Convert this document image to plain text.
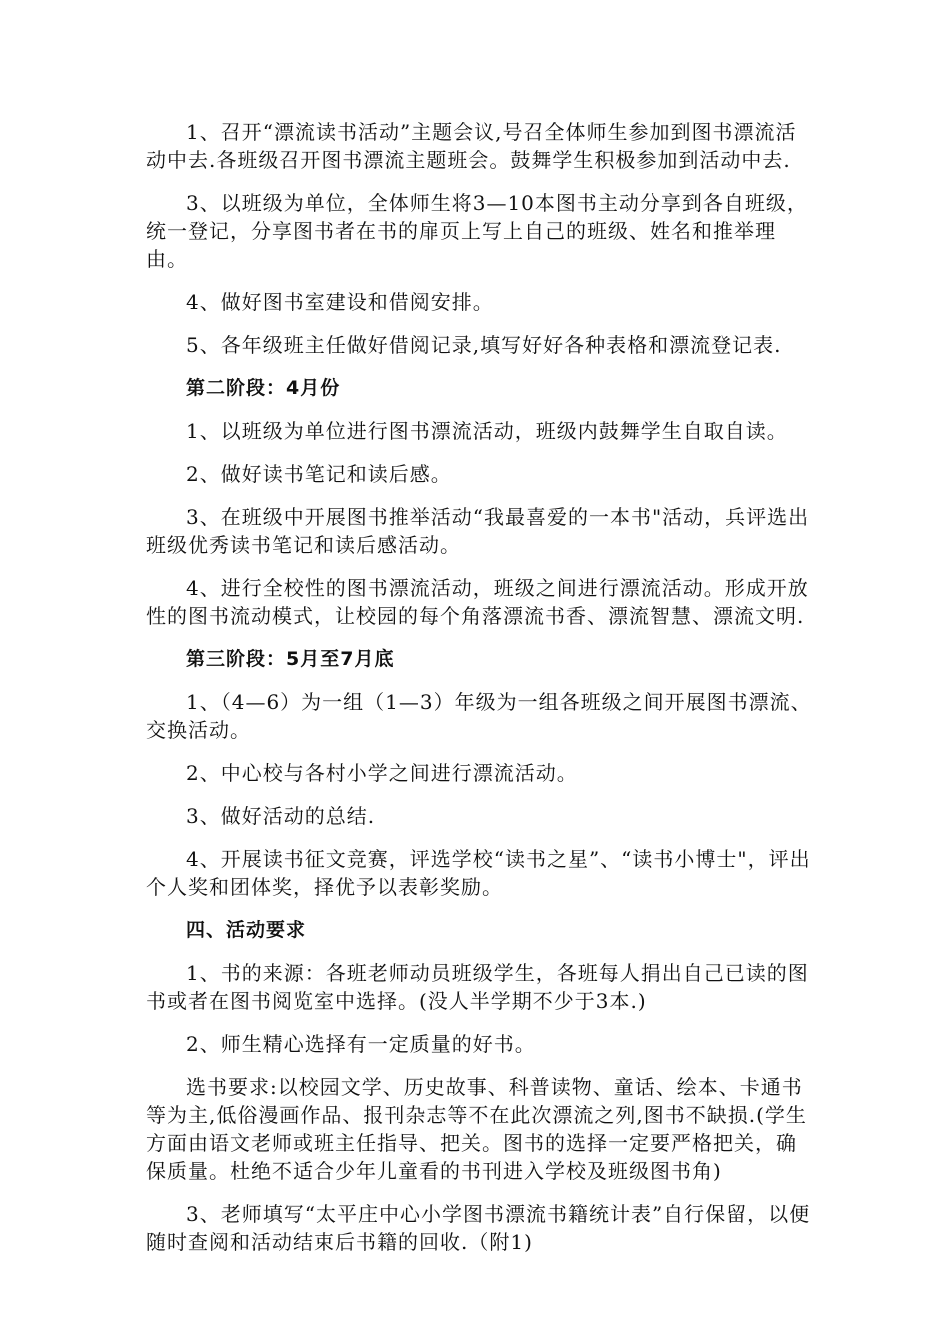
1、召开“漂流读书活动”主题会议,号召全体师生参加到图书漂流活动中去.各班级召开图书漂流主题班会。鼓舞学生积极参加到活动中去.

3、以班级为单位，全体师生将3—10本图书主动分享到各自班级，统一登记，分享图书者在书的扉页上写上自己的班级、姓名和推举理由。

4、做好图书室建设和借阅安排。

5、各年级班主任做好借阅记录,填写好好各种表格和漂流登记表.

第二阶段：4月份

1、以班级为单位进行图书漂流活动，班级内鼓舞学生自取自读。

2、做好读书笔记和读后感。

3、在班级中开展图书推举活动“我最喜爱的一本书"活动，兵评选出班级优秀读书笔记和读后感活动。

4、进行全校性的图书漂流活动，班级之间进行漂流活动。形成开放性的图书流动模式，让校园的每个角落漂流书香、漂流智慧、漂流文明.

第三阶段：5月至7月底

1、（4—6）为一组（1—3）年级为一组各班级之间开展图书漂流、交换活动。

2、中心校与各村小学之间进行漂流活动。

3、做好活动的总结.

4、开展读书征文竞赛，评选学校“读书之星”、“读书小博士"，评出个人奖和团体奖，择优予以表彰奖励。

四、活动要求

1、书的来源：各班老师动员班级学生，各班每人捐出自己已读的图书或者在图书阅览室中选择。(没人半学期不少于3本.)

2、师生精心选择有一定质量的好书。

选书要求:以校园文学、历史故事、科普读物、童话、绘本、卡通书等为主,低俗漫画作品、报刊杂志等不在此次漂流之列,图书不缺损.(学生方面由语文老师或班主任指导、把关。图书的选择一定要严格把关，确保质量。杜绝不适合少年儿童看的书刊进入学校及班级图书角)

3、老师填写“太平庄中心小学图书漂流书籍统计表”自行保留，以便随时查阅和活动结束后书籍的回收.（附1)
